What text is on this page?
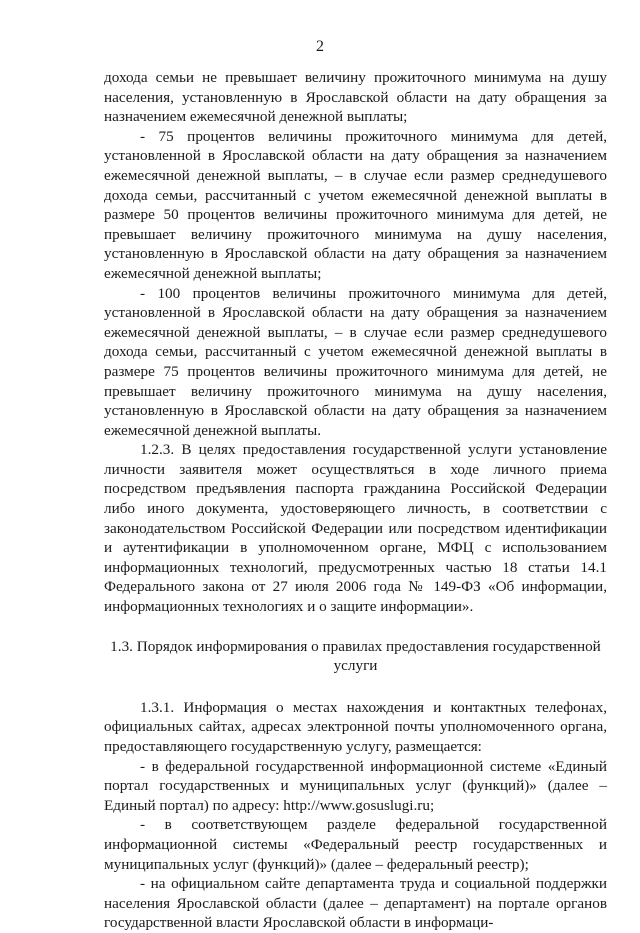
2

дохода семьи не превышает величину прожиточного минимума на душу населения, установленную в Ярославской области на дату обращения за назначением ежемесячной денежной выплаты;

- 75 процентов величины прожиточного минимума для детей, установленной в Ярославской области на дату обращения за назначением ежемесячной денежной выплаты, – в случае если размер среднедушевого дохода семьи, рассчитанный с учетом ежемесячной денежной выплаты в размере 50 процентов величины прожиточного минимума для детей, не превышает величину прожиточного минимума на душу населения, установленную в Ярославской области на дату обращения за назначением ежемесячной денежной выплаты;

- 100 процентов величины прожиточного минимума для детей, установленной в Ярославской области на дату обращения за назначением ежемесячной денежной выплаты, – в случае если размер среднедушевого дохода семьи, рассчитанный с учетом ежемесячной денежной выплаты в размере 75 процентов величины прожиточного минимума для детей, не превышает величину прожиточного минимума на душу населения, установленную в Ярославской области на дату обращения за назначением ежемесячной денежной выплаты.

1.2.3. В целях предоставления государственной услуги установление личности заявителя может осуществляться в ходе личного приема посредством предъявления паспорта гражданина Российской Федерации либо иного документа, удостоверяющего личность, в соответствии с законодательством Российской Федерации или посредством идентификации и аутентификации в уполномоченном органе, МФЦ с использованием информационных технологий, предусмотренных частью 18 статьи 14.1 Федерального закона от 27 июля 2006 года № 149-ФЗ «Об информации, информационных технологиях и о защите информации».

1.3. Порядок информирования о правилах предоставления государственной услуги

1.3.1. Информация о местах нахождения и контактных телефонах, официальных сайтах, адресах электронной почты уполномоченного органа, предоставляющего государственную услугу, размещается:

- в федеральной государственной информационной системе «Единый портал государственных и муниципальных услуг (функций)» (далее – Единый портал) по адресу: http://www.gosuslugi.ru;

- в соответствующем разделе федеральной государственной информационной системы «Федеральный реестр государственных и муниципальных услуг (функций)» (далее – федеральный реестр);

- на официальном сайте департамента труда и социальной поддержки населения Ярославской области (далее – департамент) на портале органов государственной власти Ярославской области в информаци-
